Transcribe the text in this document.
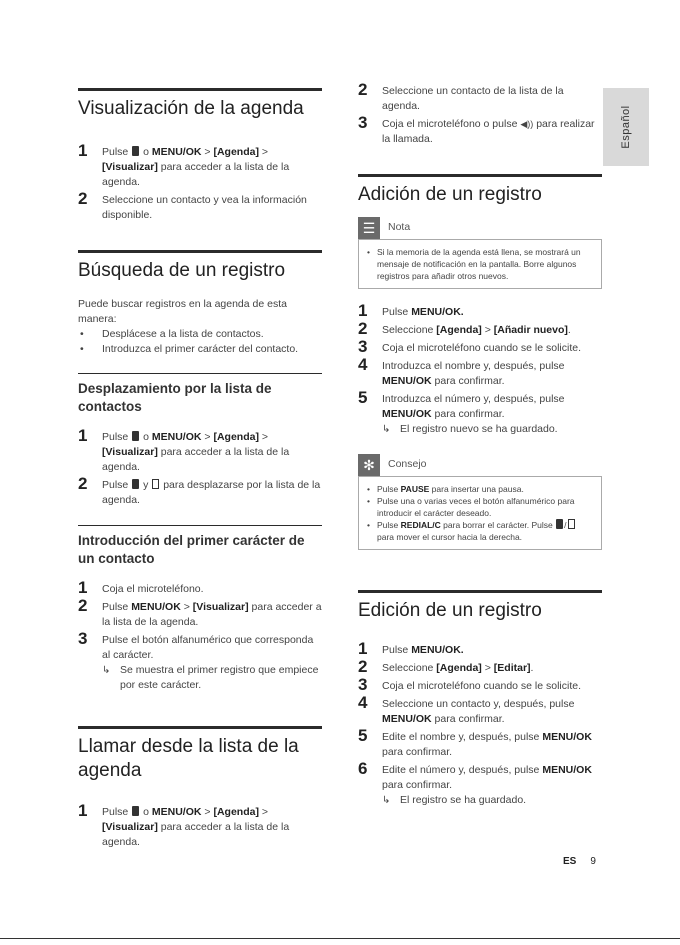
Español
Visualización de la agenda
1 Pulse o MENU/OK > [Agenda] > [Visualizar] para acceder a la lista de la agenda.
2 Seleccione un contacto y vea la información disponible.
Búsqueda de un registro
Puede buscar registros en la agenda de esta manera:
• Desplácese a la lista de contactos.
• Introduzca el primer carácter del contacto.
Desplazamiento por la lista de contactos
1 Pulse o MENU/OK > [Agenda] > [Visualizar] para acceder a la lista de la agenda.
2 Pulse y para desplazarse por la lista de la agenda.
Introducción del primer carácter de un contacto
1 Coja el microteléfono.
2 Pulse MENU/OK > [Visualizar] para acceder a la lista de la agenda.
3 Pulse el botón alfanumérico que corresponda al carácter.
↳ Se muestra el primer registro que empiece por este carácter.
Llamar desde la lista de la agenda
1 Pulse o MENU/OK > [Agenda] > [Visualizar] para acceder a la lista de la agenda.
2 Seleccione un contacto de la lista de la agenda.
3 Coja el microteléfono o pulse ◀)) para realizar la llamada.
Adición de un registro
☰	Nota
• Si la memoria de la agenda está llena, se mostrará un mensaje de notificación en la pantalla. Borre algunos registros para añadir otros nuevos.
1 Pulse MENU/OK.
2 Seleccione [Agenda] > [Añadir nuevo].
3 Coja el microteléfono cuando se le solicite.
4 Introduzca el nombre y, después, pulse MENU/OK para confirmar.
5 Introduzca el número y, después, pulse MENU/OK para confirmar.
↳ El registro nuevo se ha guardado.
✻	Consejo
• Pulse PAUSE para insertar una pausa.
• Pulse una o varias veces el botón alfanumérico para introducir el carácter deseado.
• Pulse REDIAL/C para borrar el carácter. Pulse / para mover el cursor hacia la derecha.
Edición de un registro
1 Pulse MENU/OK.
2 Seleccione [Agenda] > [Editar].
3 Coja el microteléfono cuando se le solicite.
4 Seleccione un contacto y, después, pulse MENU/OK para confirmar.
5 Edite el nombre y, después, pulse MENU/OK para confirmar.
6 Edite el número y, después, pulse MENU/OK para confirmar.
↳ El registro se ha guardado.
ES 9
